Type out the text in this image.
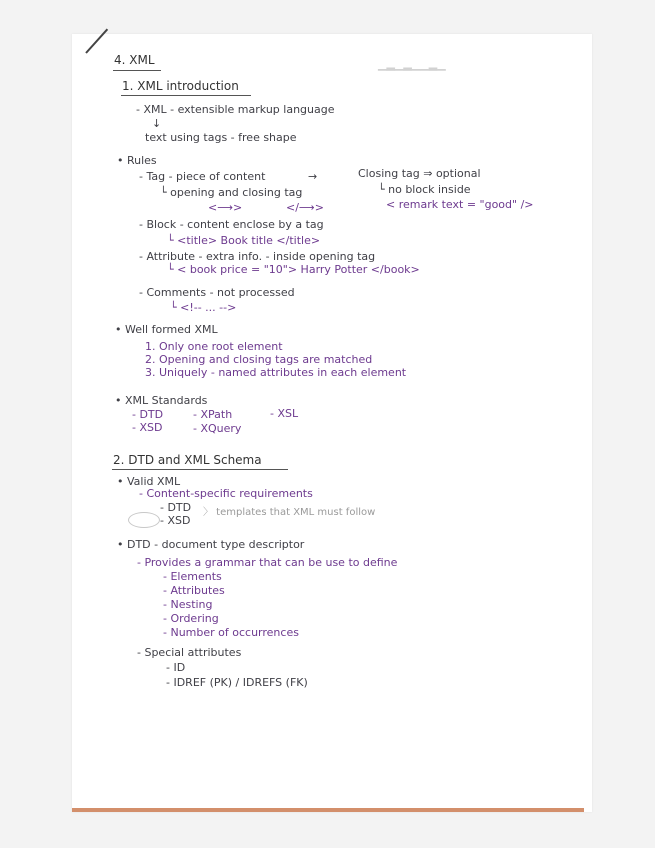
▁▂▁▂▁▁▂▁
4. XML
1. XML introduction
- XML - extensible markup language
↓
text using tags - free shape
• Rules
- Tag - piece of content	→	Closing tag ⇒ optional
└ opening and closing tag	└ no block inside
<⟶>	</⟶>	< remark text = "good" />
- Block - content enclose by a tag
└ <title> Book title </title>
- Attribute - extra info. - inside opening tag
└ < book price = "10"> Harry Potter </book>
- Comments - not processed
└ <!-- ... -->
• Well formed XML
1. Only one root element
2. Opening and closing tags are matched
3. Uniquely - named attributes in each element
• XML Standards
- DTD	- XPath	- XSL
- XSD	- XQuery
2. DTD and XML Schema
• Valid XML
- Content-specific requirements
- DTD
- XSD
〉 templates that XML must follow
• DTD - document type descriptor
- Provides a grammar that can be use to define
- Elements
- Attributes
- Nesting
- Ordering
- Number of occurrences
- Special attributes
- ID
- IDREF (PK) / IDREFS (FK)
